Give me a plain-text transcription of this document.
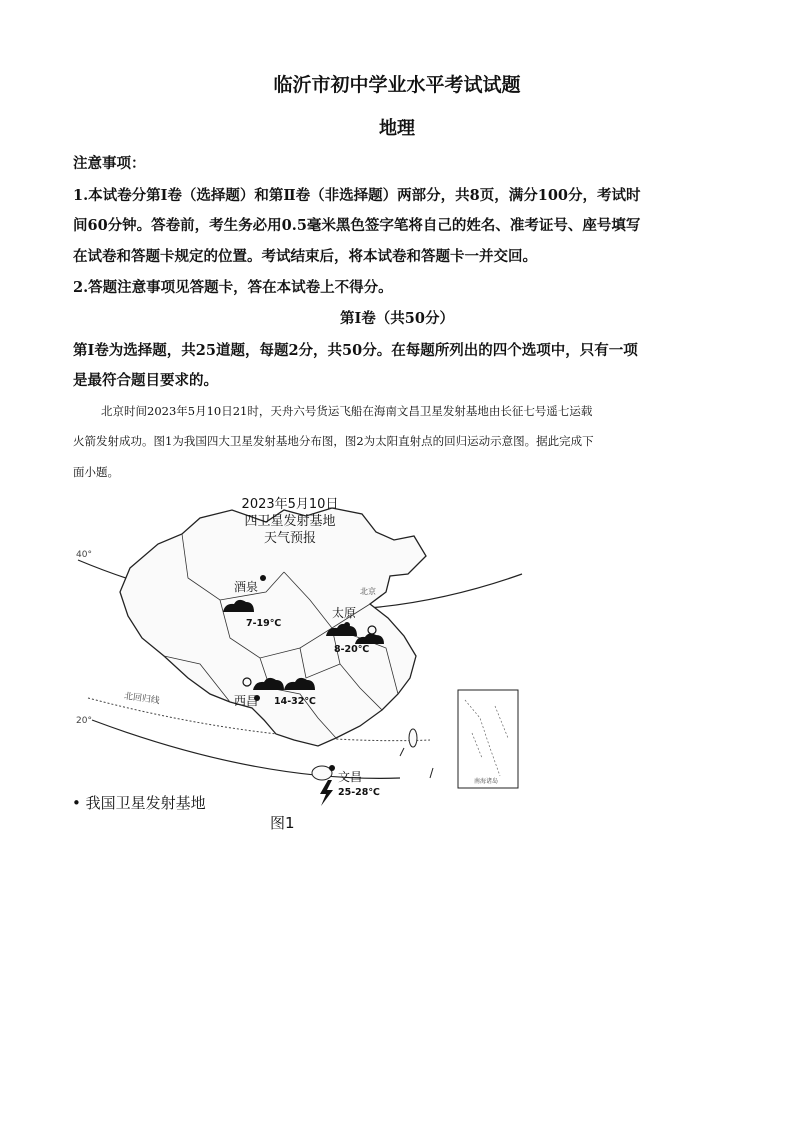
临沂市初中学业水平考试试题
地理
注意事项：
1.本试卷分第Ⅰ卷（选择题）和第Ⅱ卷（非选择题）两部分，共8页，满分100分，考试时
间60分钟。答卷前，考生务必用0.5毫米黑色签字笔将自己的姓名、准考证号、座号填写
在试卷和答题卡规定的位置。考试结束后，将本试卷和答题卡一并交回。
2.答题注意事项见答题卡，答在本试卷上不得分。
第Ⅰ卷（共50分）
第Ⅰ卷为选择题，共25道题，每题2分，共50分。在每题所列出的四个选项中，只有一项
是最符合题目要求的。
北京时间2023年5月10日21时，天舟六号货运飞船在海南文昌卫星发射基地由长征七号遥七运载
火箭发射成功。图1为我国四大卫星发射基地分布图，图2为太阳直射点的回归运动示意图。据此完成下
面小题。
2023年5月10日
四卫星发射基地
天气预报
40°
20°
北回归线
北京
南海诸岛
酒泉
7-19℃
太原
8-20℃
西昌 14-32℃
文昌
25-28℃
• 我国卫星发射基地
图1
